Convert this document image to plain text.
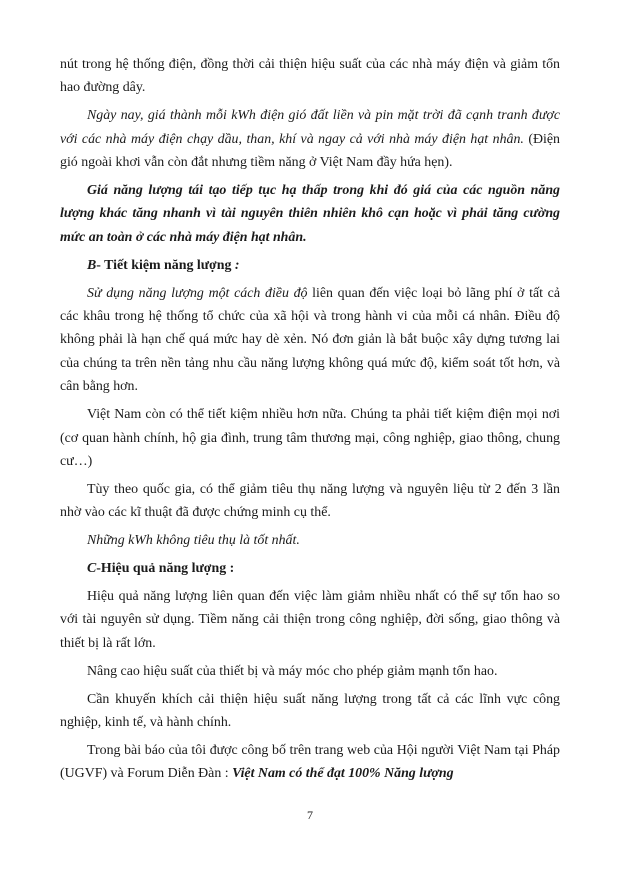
nút trong hệ thống điện, đồng thời cải thiện hiệu suất của các nhà máy điện và giảm tổn hao đường dây.

Ngày nay, giá thành mỗi kWh điện gió đất liền và pin mặt trời đã cạnh tranh được với các nhà máy điện chạy dầu, than, khí và ngay cả với nhà máy điện hạt nhân. (Điện gió ngoài khơi vẫn còn đắt nhưng tiềm năng ở Việt Nam đầy hứa hẹn).

Giá năng lượng tái tạo tiếp tục hạ thấp trong khi đó giá của các nguồn năng lượng khác tăng nhanh vì tài nguyên thiên nhiên khô cạn hoặc vì phải tăng cường mức an toàn ở các nhà máy điện hạt nhân.

B- Tiết kiệm năng lượng :

Sử dụng năng lượng một cách điều độ liên quan đến việc loại bỏ lãng phí ở tất cả các khâu trong hệ thống tổ chức của xã hội và trong hành vi của mỗi cá nhân. Điều độ không phải là hạn chế quá mức hay dè xẻn. Nó đơn giản là bắt buộc xây dựng tương lai của chúng ta trên nền tảng nhu cầu năng lượng không quá mức độ, kiểm soát tốt hơn, và cân bằng hơn.

Việt Nam còn có thể tiết kiệm nhiều hơn nữa. Chúng ta phải tiết kiệm điện mọi nơi (cơ quan hành chính, hộ gia đình, trung tâm thương mại, công nghiệp, giao thông, chung cư…)

Tùy theo quốc gia, có thể giảm tiêu thụ năng lượng và nguyên liệu từ 2 đến 3 lần nhờ vào các kĩ thuật đã được chứng minh cụ thể.

Những kWh không tiêu thụ là tốt nhất.

C-Hiệu quả năng lượng :

Hiệu quả năng lượng liên quan đến việc làm giảm nhiều nhất có thể sự tổn hao so với tài nguyên sử dụng. Tiềm năng cải thiện trong công nghiệp, đời sống, giao thông và thiết bị là rất lớn.

Nâng cao hiệu suất của thiết bị và máy móc cho phép giảm mạnh tổn hao.

Cần khuyến khích cải thiện hiệu suất năng lượng trong tất cả các lĩnh vực công nghiệp, kinh tế, và hành chính.

Trong bài báo của tôi được công bố trên trang web của Hội người Việt Nam tại Pháp (UGVF) và Forum Diễn Đàn : Việt Nam có thể đạt 100% Năng lượng

7
